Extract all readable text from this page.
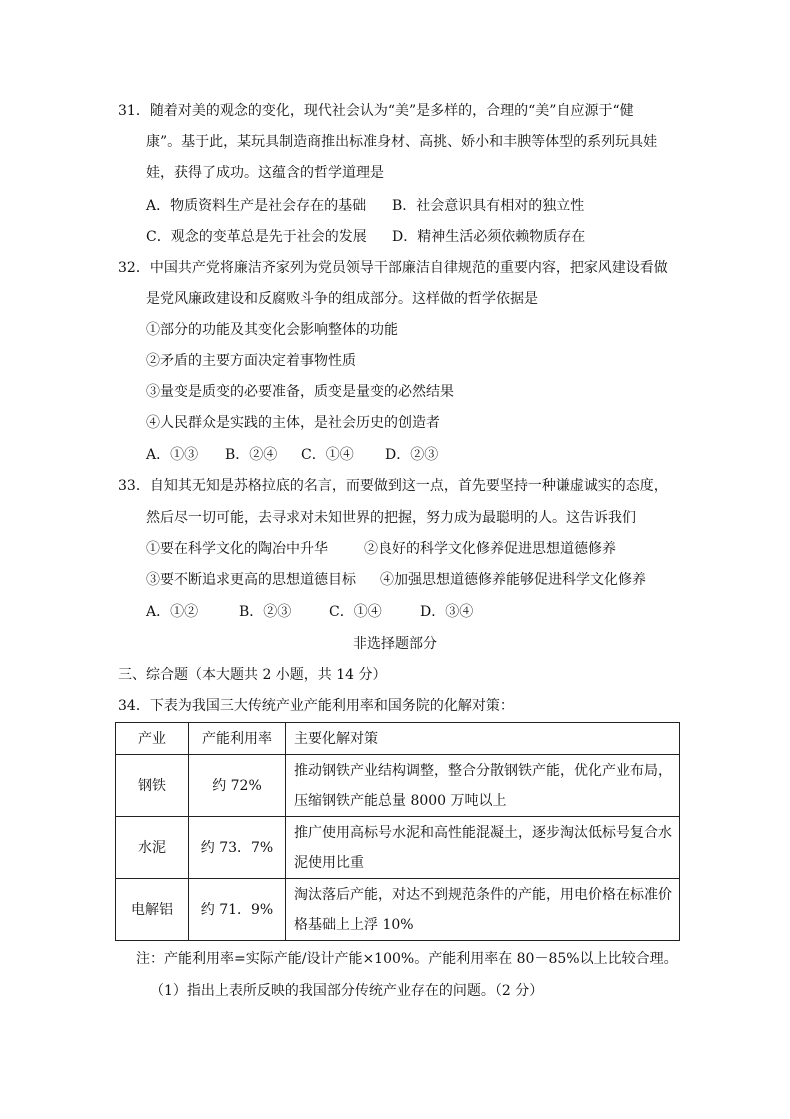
31．随着对美的观念的变化，现代社会认为“美”是多样的，合理的“美”自应源于“健
康”。基于此，某玩具制造商推出标准身材、高挑、娇小和丰腴等体型的系列玩具娃
娃，获得了成功。这蕴含的哲学道理是
A．物质资料生产是社会存在的基础 B．社会意识具有相对的独立性
C．观念的变革总是先于社会的发展 D．精神生活必须依赖物质存在
32．中国共产党将廉洁齐家列为党员领导干部廉洁自律规范的重要内容，把家风建设看做
是党风廉政建设和反腐败斗争的组成部分。这样做的哲学依据是
①部分的功能及其变化会影响整体的功能
②矛盾的主要方面决定着事物性质
③量变是质变的必要准备，质变是量变的必然结果
④人民群众是实践的主体，是社会历史的创造者
A．①③ B．②④ C．①④ D．②③
33．自知其无知是苏格拉底的名言，而要做到这一点，首先要坚持一种谦虚诚实的态度，
然后尽一切可能，去寻求对未知世界的把握，努力成为最聪明的人。这告诉我们
①要在科学文化的陶冶中升华	②良好的科学文化修养促进思想道德修养
③要不断追求更高的思想道德目标 ④加强思想道德修养能够促进科学文化修养
A．①②	B．②③	C．①④	D．③④
非选择题部分
三、综合题（本大题共 2 小题，共 14 分）
34．下表为我国三大传统产业产能利用率和国务院的化解对策：
产业	产能利用率	主要化解对策
钢铁	约 72%	推动钢铁产业结构调整，整合分散钢铁产能，优化产业布局，
压缩钢铁产能总量 8000 万吨以上

水泥	约 73．7%	推广使用高标号水泥和高性能混凝土，逐步淘汰低标号复合水
泥使用比重

电解铝	约 71．9%	淘汰落后产能，对达不到规范条件的产能，用电价格在标准价
格基础上上浮 10%
注：产能利用率=实际产能/设计产能×100%。产能利用率在 80－85%以上比较合理。
（1）指出上表所反映的我国部分传统产业存在的问题。（2 分）
